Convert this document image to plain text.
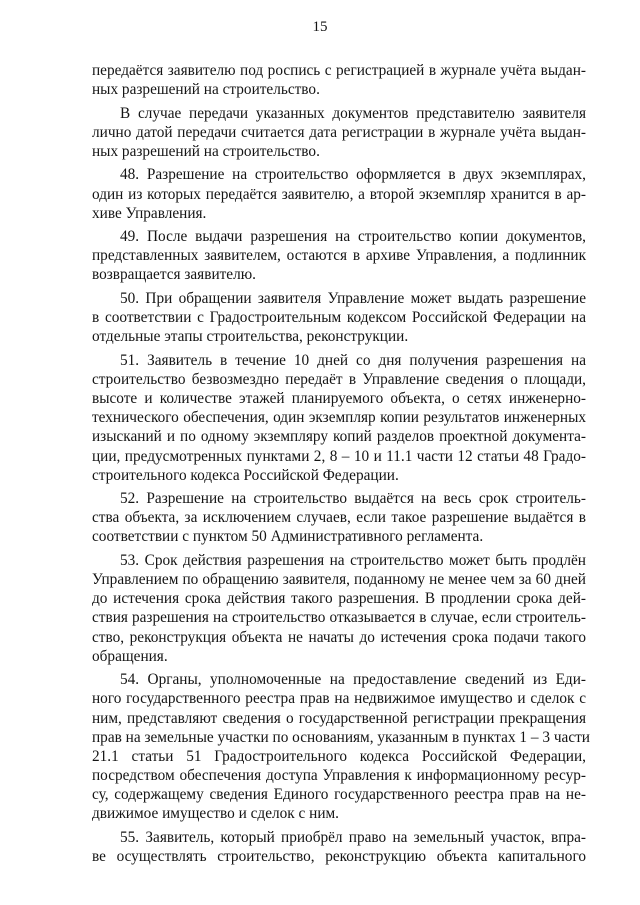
15
передаётся заявителю под роспись с регистрацией в журнале учёта выдан-
ных разрешений на строительство.
В случае передачи указанных документов представителю заявителя
лично датой передачи считается дата регистрации в журнале учёта выдан-
ных разрешений на строительство.
48. Разрешение на строительство оформляется в двух экземплярах,
один из которых передаётся заявителю, а второй экземпляр хранится в ар-
хиве Управления.
49. После выдачи разрешения на строительство копии документов,
представленных заявителем, остаются в архиве Управления, а подлинник
возвращается заявителю.
50. При обращении заявителя Управление может выдать разрешение
в соответствии с Градостроительным кодексом Российской Федерации на
отдельные этапы строительства, реконструкции.
51. Заявитель в течение 10 дней со дня получения разрешения на
строительство безвозмездно передаёт в Управление сведения о площади,
высоте и количестве этажей планируемого объекта, о сетях инженерно-
технического обеспечения, один экземпляр копии результатов инженерных
изысканий и по одному экземпляру копий разделов проектной документа-
ции, предусмотренных пунктами 2, 8 – 10 и 11.1 части 12 статьи 48 Градо-
строительного кодекса Российской Федерации.
52. Разрешение на строительство выдаётся на весь срок строитель-
ства объекта, за исключением случаев, если такое разрешение выдаётся в
соответствии с пунктом 50 Административного регламента.
53. Срок действия разрешения на строительство может быть продлён
Управлением по обращению заявителя, поданному не менее чем за 60 дней
до истечения срока действия такого разрешения. В продлении срока дей-
ствия разрешения на строительство отказывается в случае, если строитель-
ство, реконструкция объекта не начаты до истечения срока подачи такого
обращения.
54. Органы, уполномоченные на предоставление сведений из Еди-
ного государственного реестра прав на недвижимое имущество и сделок с
ним, представляют сведения о государственной регистрации прекращения
прав на земельные участки по основаниям, указанным в пунктах 1 – 3 части
21.1 статьи 51 Градостроительного кодекса Российской Федерации,
посредством обеспечения доступа Управления к информационному ресур-
су, содержащему сведения Единого государственного реестра прав на не-
движимое имущество и сделок с ним.
55. Заявитель, который приобрёл право на земельный участок, впра-
ве осуществлять строительство, реконструкцию объекта капитального
